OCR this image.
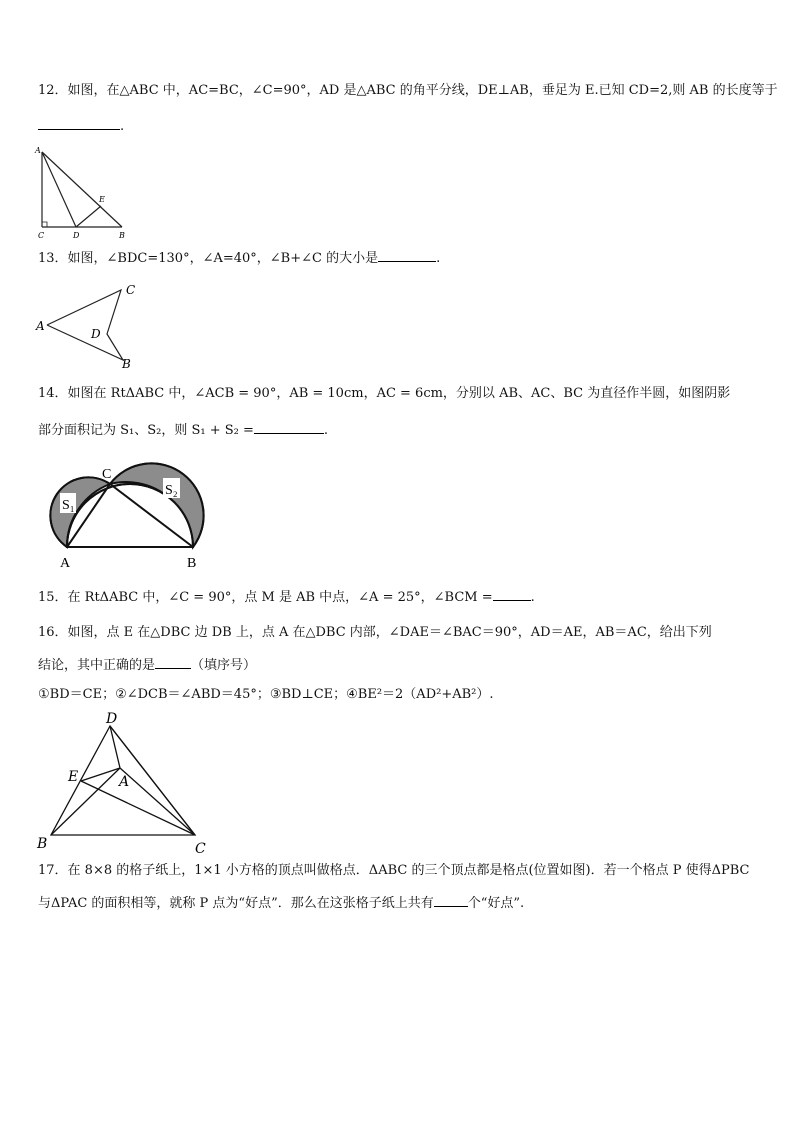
12．如图，在△ABC 中，AC=BC，∠C=90°，AD 是△ABC 的角平分线，DE⊥AB，垂足为 E.已知 CD=2,则 AB 的长度等于
.
A
C	D
E
B
13．如图，∠BDC=130°，∠A=40°，∠B+∠C 的大小是	.
A
C
D
B
14．如图在 RtΔABC 中，∠ACB = 90°，AB = 10cm，AC = 6cm，分别以 AB、AC、BC 为直径作半圆，如图阴影
部分面积记为 S₁、S₂，则 S₁ + S₂ =	.
S₁
S₂
C
A	B
15．在 RtΔABC 中，∠C = 90°，点 M 是 AB 中点，∠A = 25°，∠BCM =	.
16．如图，点 E 在△DBC 边 DB 上，点 A 在△DBC 内部，∠DAE＝∠BAC＝90°，AD＝AE，AB＝AC，给出下列
结论，其中正确的是	（填序号）
①BD＝CE；②∠DCB＝∠ABD＝45°；③BD⊥CE；④BE²＝2（AD²+AB²）.
D
E	A
B	C
17．在 8×8 的格子纸上，1×1 小方格的顶点叫做格点．ΔABC 的三个顶点都是格点(位置如图)．若一个格点 P 使得ΔPBC
与ΔPAC 的面积相等，就称 P 点为“好点”．那么在这张格子纸上共有	个“好点”.
